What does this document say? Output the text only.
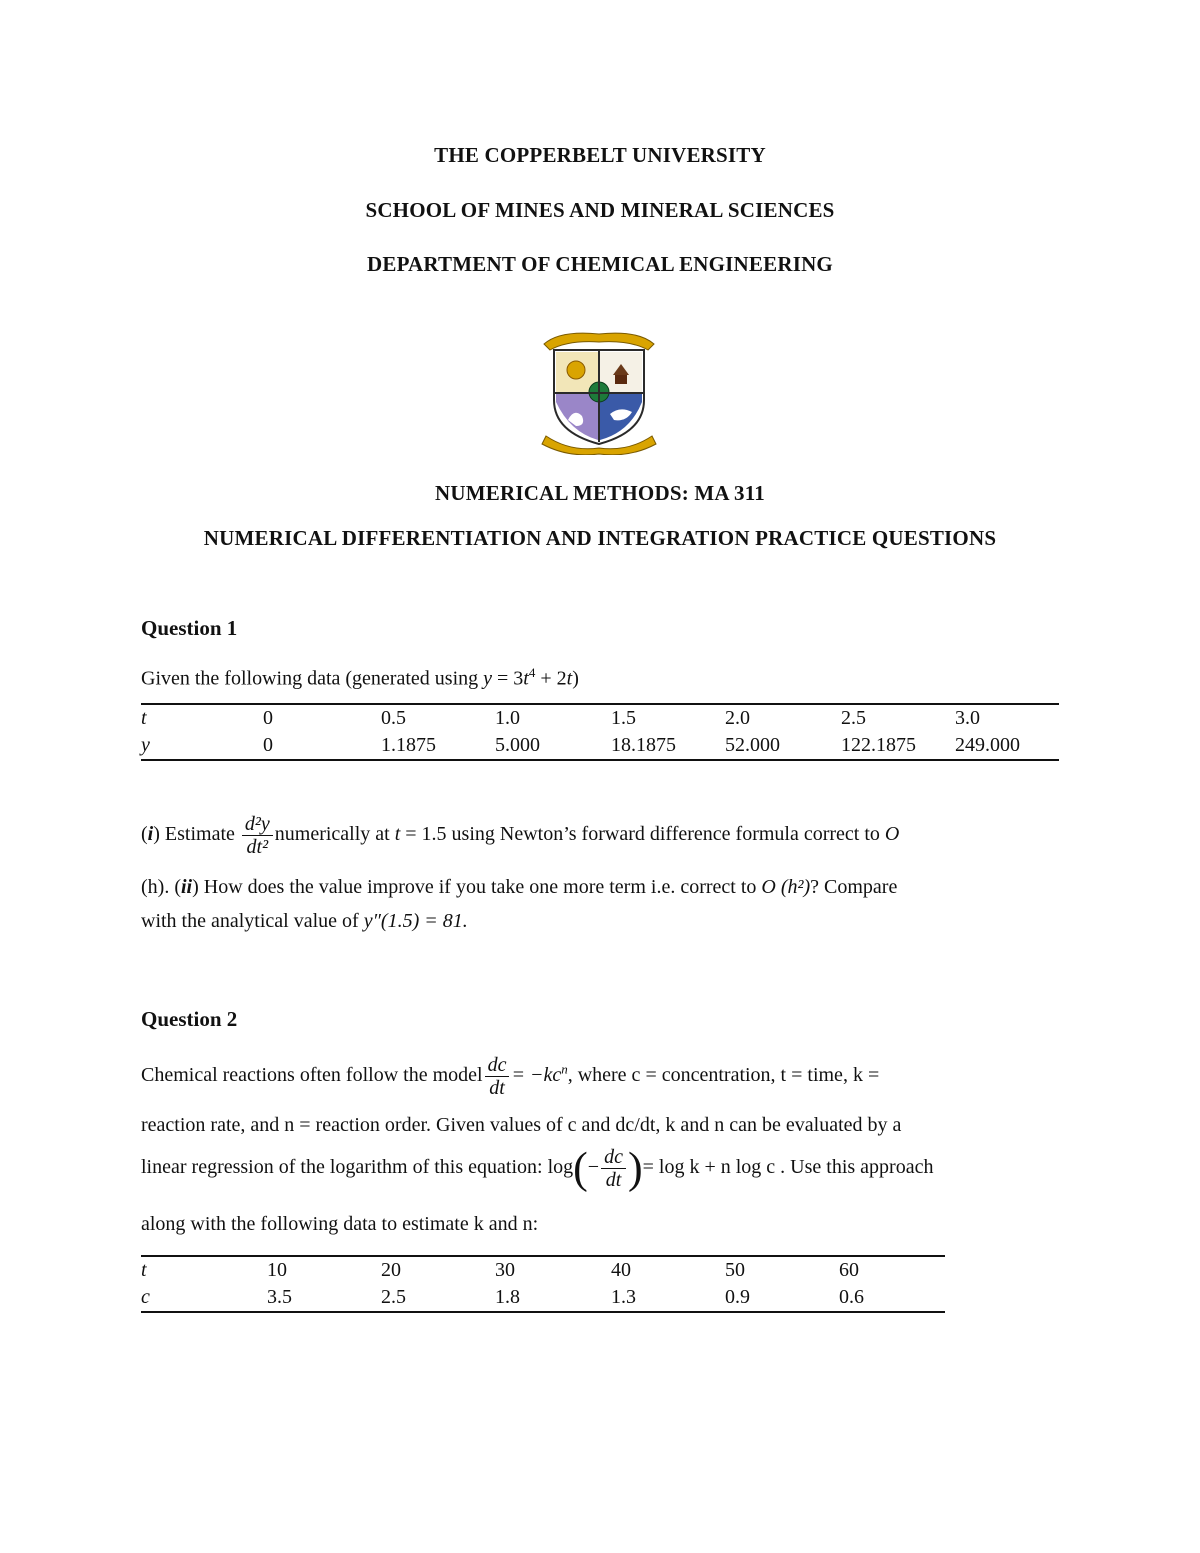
THE COPPERBELT UNIVERSITY
SCHOOL OF MINES AND MINERAL SCIENCES
DEPARTMENT OF CHEMICAL ENGINEERING
NUMERICAL METHODS: MA 311
NUMERICAL DIFFERENTIATION AND INTEGRATION PRACTICE QUESTIONS
Question 1
Given the following data (generated using $y = 3t^4 + 2t$)
t	0	0.5	1.0	1.5	2.0	2.5	3.0
y	0	1.1875	5.000	18.1875	52.000	122.1875	249.000
(i) Estimate $\frac{\text{d²y}}{\text{dt²}}$ numerically at t = 1.5 using Newton’s forward difference formula correct to O
(h). (ii) How does the value improve if you take one more term i.e. correct to O (h²)? Compare
with the analytical value of y″(1.5) = 81.
Question 2
Chemical reactions often follow the model $\frac{dc}{dt} = -kc^n$, where c = concentration, t = time, k =
reaction rate, and n = reaction order. Given values of c and dc/dt, k and n can be evaluated by a
linear regression of the logarithm of this equation: $\log(- \frac{dc}{dt}$ )= log k + n log c . Use this approach
along with the following data to estimate k and n:
t	10	20	30	40	50	60
c	3.5	2.5	1.8	1.3	0.9	0.6
